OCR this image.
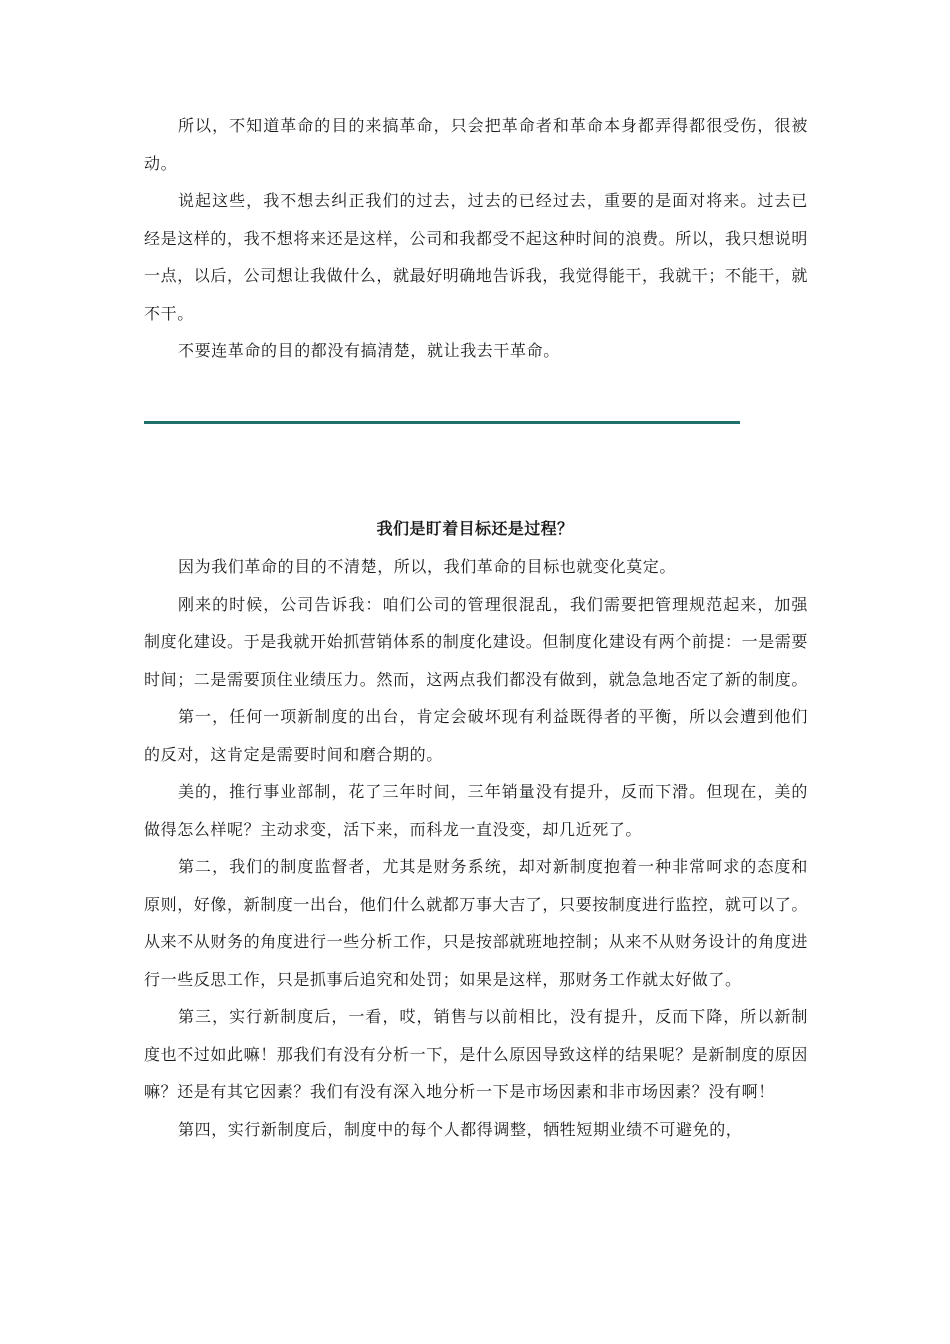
所以，不知道革命的目的来搞革命，只会把革命者和革命本身都弄得都很受伤，很被动。

说起这些，我不想去纠正我们的过去，过去的已经过去，重要的是面对将来。过去已经是这样的，我不想将来还是这样，公司和我都受不起这种时间的浪费。所以，我只想说明一点，以后，公司想让我做什么，就最好明确地告诉我，我觉得能干，我就干；不能干，就不干。

不要连革命的目的都没有搞清楚，就让我去干革命。

我们是盯着目标还是过程？

因为我们革命的目的不清楚，所以，我们革命的目标也就变化莫定。

刚来的时候，公司告诉我：咱们公司的管理很混乱，我们需要把管理规范起来，加强制度化建设。于是我就开始抓营销体系的制度化建设。但制度化建设有两个前提：一是需要时间；二是需要顶住业绩压力。然而，这两点我们都没有做到，就急急地否定了新的制度。

第一，任何一项新制度的出台，肯定会破坏现有利益既得者的平衡，所以会遭到他们的反对，这肯定是需要时间和磨合期的。

美的，推行事业部制，花了三年时间，三年销量没有提升，反而下滑。但现在，美的做得怎么样呢？主动求变，活下来，而科龙一直没变，却几近死了。

第二，我们的制度监督者，尤其是财务系统，却对新制度抱着一种非常呵求的态度和原则，好像，新制度一出台，他们什么就都万事大吉了，只要按制度进行监控，就可以了。从来不从财务的角度进行一些分析工作，只是按部就班地控制；从来不从财务设计的角度进行一些反思工作，只是抓事后追究和处罚；如果是这样，那财务工作就太好做了。

第三，实行新制度后，一看，哎，销售与以前相比，没有提升，反而下降，所以新制度也不过如此嘛！那我们有没有分析一下，是什么原因导致这样的结果呢？是新制度的原因嘛？还是有其它因素？我们有没有深入地分析一下是市场因素和非市场因素？没有啊！

第四，实行新制度后，制度中的每个人都得调整，牺牲短期业绩不可避免的，
